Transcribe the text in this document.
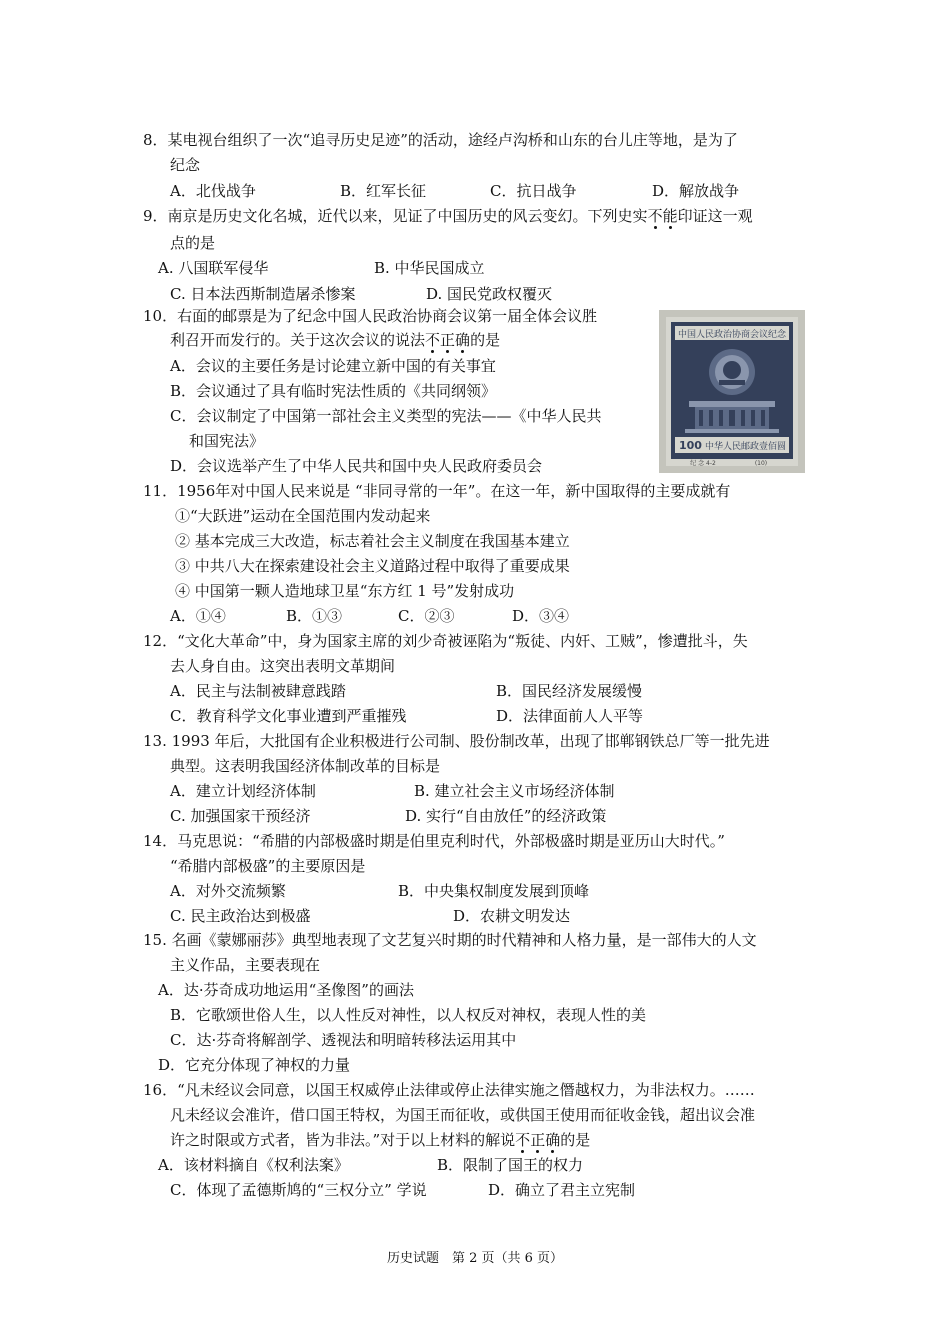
8．某电视台组织了一次“追寻历史足迹”的活动，途经卢沟桥和山东的台儿庄等地，是为了
纪念
A．北伐战争	B．红军长征	C．抗日战争	D．解放战争
9．南京是历史文化名城，近代以来，见证了中国历史的风云变幻。下列史实不能印证这一观
点的是
A. 八国联军侵华	B. 中华民国成立
C. 日本法西斯制造屠杀惨案	D. 国民党政权覆灭
10．右面的邮票是为了纪念中国人民政治协商会议第一届全体会议胜
利召开而发行的。关于这次会议的说法不正确的是
A．会议的主要任务是讨论建立新中国的有关事宜
B．会议通过了具有临时宪法性质的《共同纲领》
C．会议制定了中国第一部社会主义类型的宪法——《中华人民共
和国宪法》
D．会议选举产生了中华人民共和国中央人民政府委员会
中国人民政治协商会议纪念
100 中华人民邮政 壹佰圆
纪 念 4-2	(10)
11．1956年对中国人民来说是 “非同寻常的一年”。在这一年，新中国取得的主要成就有
①“大跃进”运动在全国范围内发动起来
② 基本完成三大改造，标志着社会主义制度在我国基本建立
③ 中共八大在探索建设社会主义道路过程中取得了重要成果
④ 中国第一颗人造地球卫星“东方红 1 号”发射成功
A．①④	B．①③	C．②③	D．③④
12．“文化大革命”中，身为国家主席的刘少奇被诬陷为“叛徒、内奸、工贼”，惨遭批斗，失
去人身自由。这突出表明文革期间
A．民主与法制被肆意践踏	B．国民经济发展缓慢
C．教育科学文化事业遭到严重摧残	D．法律面前人人平等
13. 1993 年后，大批国有企业积极进行公司制、股份制改革，出现了邯郸钢铁总厂等一批先进
典型。这表明我国经济体制改革的目标是
A．建立计划经济体制	B. 建立社会主义市场经济体制
C. 加强国家干预经济	D. 实行“自由放任”的经济政策
14．马克思说：“希腊的内部极盛时期是伯里克利时代，外部极盛时期是亚历山大时代。”
“希腊内部极盛”的主要原因是
A．对外交流频繁	B．中央集权制度发展到顶峰
C. 民主政治达到极盛	D．农耕文明发达
15. 名画《蒙娜丽莎》典型地表现了文艺复兴时期的时代精神和人格力量，是一部伟大的人文
主义作品，主要表现在
A．达·芬奇成功地运用“圣像图”的画法
B．它歌颂世俗人生，以人性反对神性，以人权反对神权，表现人性的美
C．达·芬奇将解剖学、透视法和明暗转移法运用其中
D．它充分体现了神权的力量
16．“凡未经议会同意，以国王权威停止法律或停止法律实施之僭越权力，为非法权力。……
凡未经议会准许，借口国王特权，为国王而征收，或供国王使用而征收金钱，超出议会准
许之时限或方式者，皆为非法。”对于以上材料的解说不正确的是
A．该材料摘自《权利法案》	B．限制了国王的权力
C．体现了孟德斯鸠的“三权分立” 学说	D．确立了君主立宪制
历史试题　第 2 页（共 6 页）
